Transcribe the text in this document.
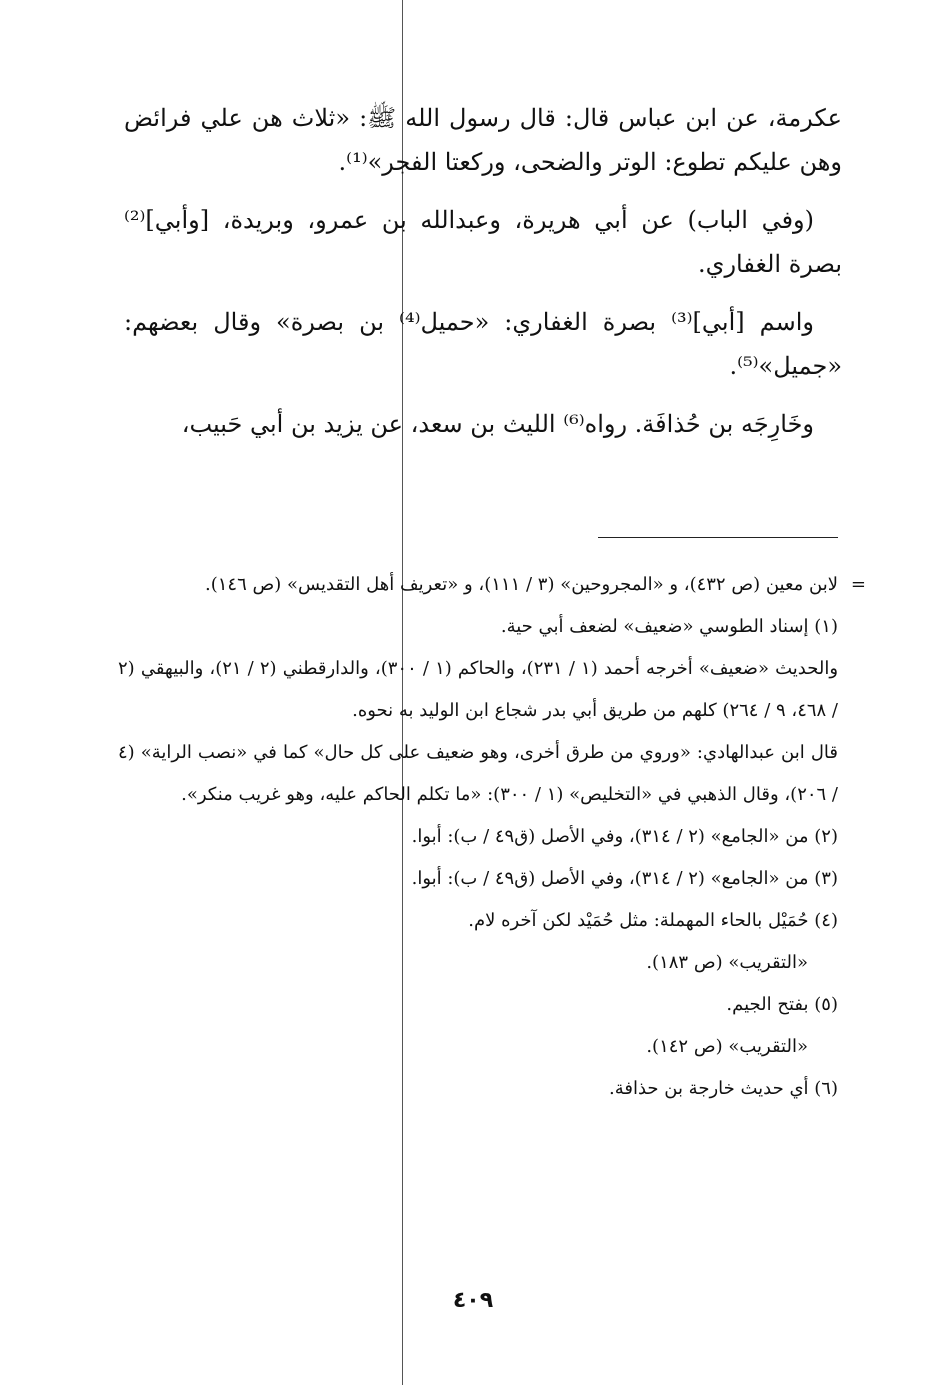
عكرمة، عن ابن عباس قال: قال رسول الله ﷺ: «ثلاث هن علي فرائض وهن عليكم تطوع: الوتر والضحى، وركعتا الفجر»⁽¹⁾.

(وفي الباب) عن أبي هريرة، وعبدالله بن عمرو، وبريدة، [وأبي]⁽²⁾ بصرة الغفاري.

واسم [أبي]⁽³⁾ بصرة الغفاري: «حميل⁽⁴⁾ بن بصرة» وقال بعضهم: «جميل»⁽⁵⁾.

وخَارِجَه بن حُذافَة. رواه⁽⁶⁾ الليث بن سعد، عن يزيد بن أبي حَبيب،

=
لابن معين (ص ٤٣٢)، و «المجروحين» (٣ / ١١١)، و «تعريف أهل التقديس» (ص ١٤٦).
(١) إسناد الطوسي «ضعيف» لضعف أبي حية.
والحديث «ضعيف» أخرجه أحمد (١ / ٢٣١)، والحاكم (١ / ٣٠٠)، والدارقطني (٢ / ٢١)، والبيهقي (٢ / ٤٦٨، ٩ / ٢٦٤) كلهم من طريق أبي بدر شجاع ابن الوليد به نحوه.
قال ابن عبدالهادي: «وروي من طرق أخرى، وهو ضعيف على كل حال» كما في «نصب الراية» (٤ / ٢٠٦)، وقال الذهبي في «التخليص» (١ / ٣٠٠): «ما تكلم الحاكم عليه، وهو غريب منكر».
(٢) من «الجامع» (٢ / ٣١٤)، وفي الأصل (ق٤٩ / ب): أبوا.
(٣) من «الجامع» (٢ / ٣١٤)، وفي الأصل (ق٤٩ / ب): أبوا.
(٤) حُمَيْل بالحاء المهملة: مثل حُمَيْد لكن آخره لام.
«التقريب» (ص ١٨٣).
(٥) بفتح الجيم.
«التقريب» (ص ١٤٢).
(٦) أي حديث خارجة بن حذافة.
٤٠٩
